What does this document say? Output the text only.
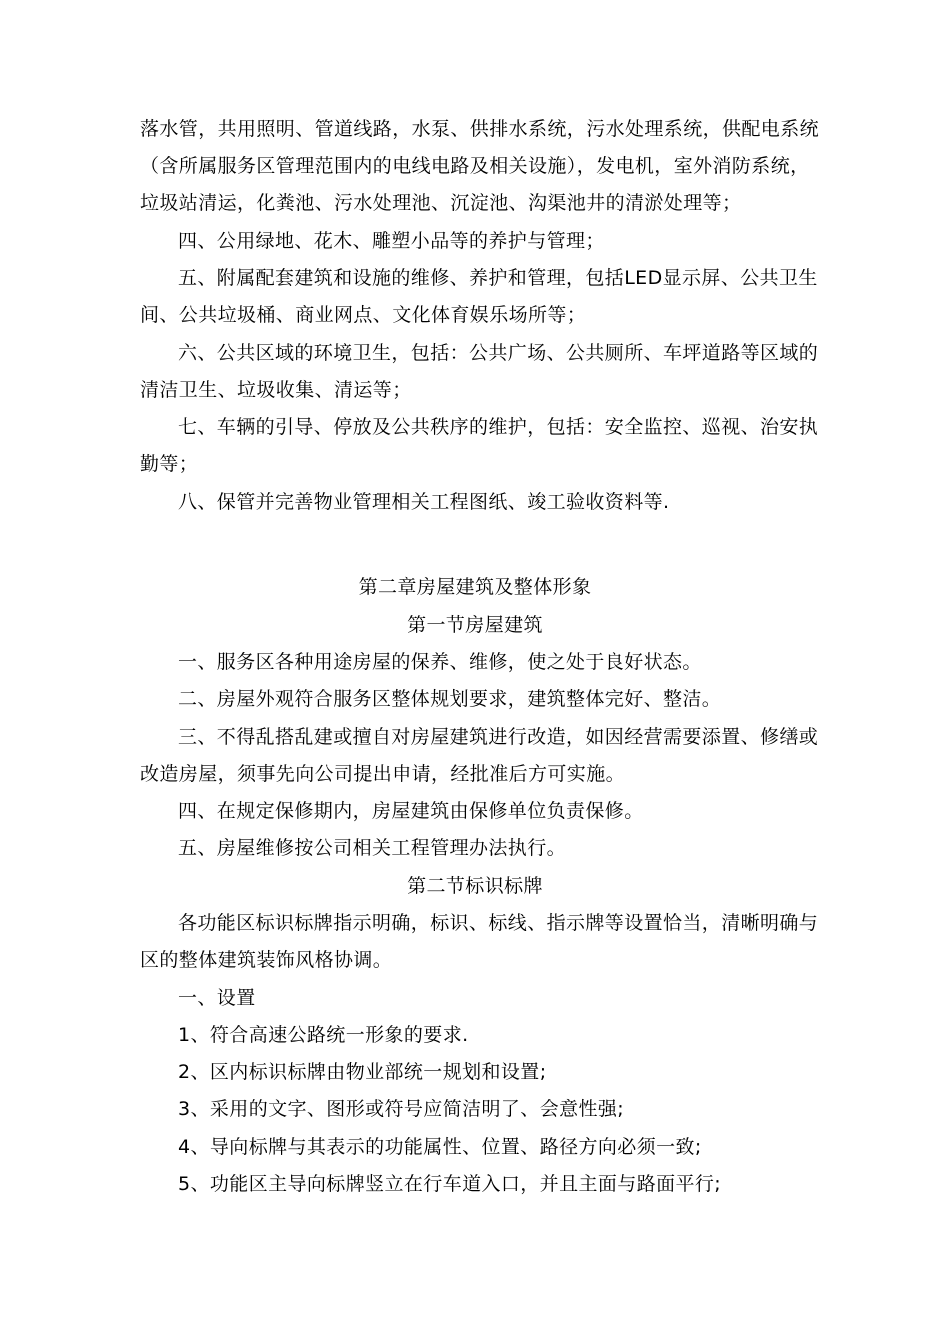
落水管，共用照明、管道线路，水泵、供排水系统，污水处理系统，供配电系统
（含所属服务区管理范围内的电线电路及相关设施），发电机，室外消防系统，
垃圾站清运，化粪池、污水处理池、沉淀池、沟渠池井的清淤处理等；
四、公用绿地、花木、雕塑小品等的养护与管理；
五、附属配套建筑和设施的维修、养护和管理，包括LED显示屏、公共卫生
间、公共垃圾桶、商业网点、文化体育娱乐场所等；
六、公共区域的环境卫生，包括：公共广场、公共厕所、车坪道路等区域的
清洁卫生、垃圾收集、清运等；
七、车辆的引导、停放及公共秩序的维护，包括：安全监控、巡视、治安执
勤等；
八、保管并完善物业管理相关工程图纸、竣工验收资料等.
第二章房屋建筑及整体形象
第一节房屋建筑
一、服务区各种用途房屋的保养、维修，使之处于良好状态。
二、房屋外观符合服务区整体规划要求，建筑整体完好、整洁。
三、不得乱搭乱建或擅自对房屋建筑进行改造，如因经营需要添置、修缮或
改造房屋，须事先向公司提出申请，经批准后方可实施。
四、在规定保修期内，房屋建筑由保修单位负责保修。
五、房屋维修按公司相关工程管理办法执行。
第二节标识标牌
各功能区标识标牌指示明确，标识、标线、指示牌等设置恰当，清晰明确与
区的整体建筑装饰风格协调。
一、设置
1、符合高速公路统一形象的要求.
2、区内标识标牌由物业部统一规划和设置;
3、采用的文字、图形或符号应简洁明了、会意性强;
4、导向标牌与其表示的功能属性、位置、路径方向必须一致;
5、功能区主导向标牌竖立在行车道入口，并且主面与路面平行;
